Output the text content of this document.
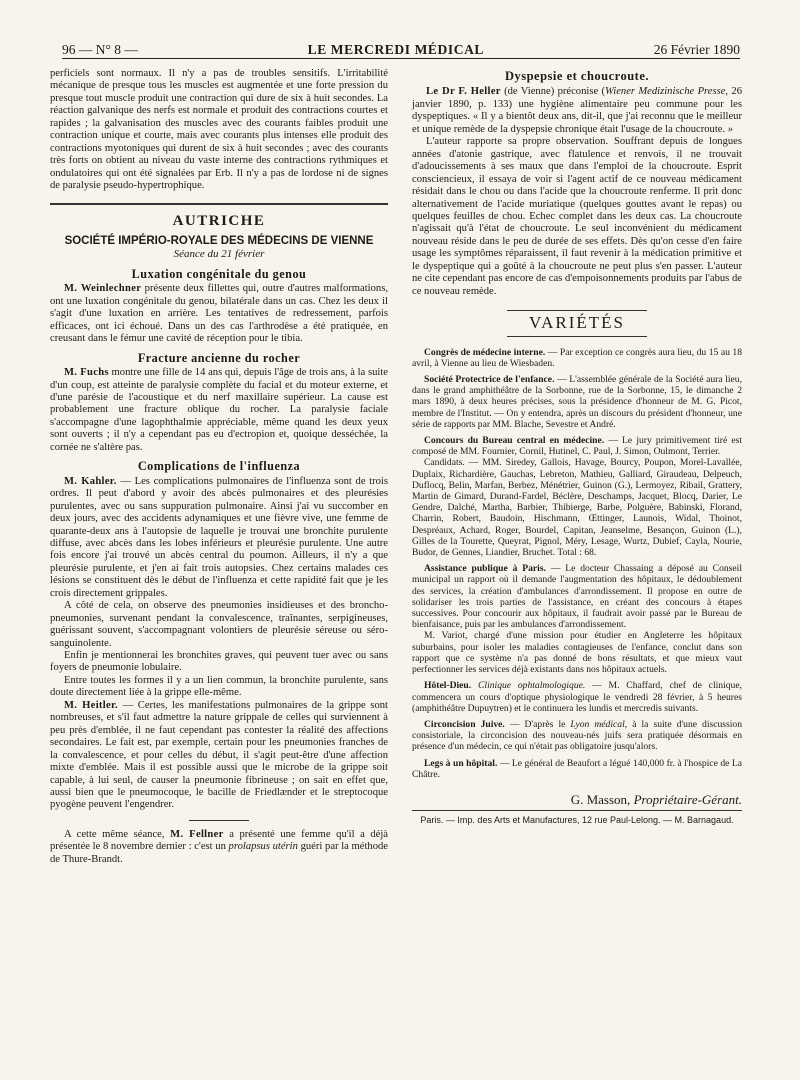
96 — N° 8 —	LE MERCREDI MÉDICAL	26 Février 1890

perficiels sont normaux. Il n'y a pas de troubles sensitifs. L'irritabilité mécanique de presque tous les muscles est augmentée et une forte pression du presque tout muscle produit une contraction qui dure de six à huit secondes. La réaction galvanique des nerfs est normale et produit des contractions courtes et rapides ; la galvanisation des muscles avec des courants faibles produit une contraction unique et courte, mais avec courants plus intenses elle produit des contractions myotoniques qui durent de six à huit secondes ; avec des courants très forts on obtient au niveau du vaste interne des contractions rythmiques et ondulatoires qui ont été signalées par Erb. Il n'y a pas de lordose ni de signes de paralysie pseudo-hypertrophique.

AUTRICHE
SOCIÉTÉ IMPÉRIO-ROYALE DES MÉDECINS DE VIENNE
Séance du 21 février
Luxation congénitale du genou

M. Weinlechner présente deux fillettes qui, outre d'autres malformations, ont une luxation congénitale du genou, bilatérale dans un cas. Chez les deux il s'agit d'une luxation en arrière. Les tentatives de redressement, parfois efficaces, ont ici échoué. Dans un des cas l'arthrodèse a été pratiquée, en creusant dans le fémur une cavité de réception pour le tibia.

Fracture ancienne du rocher

M. Fuchs montre une fille de 14 ans qui, depuis l'âge de trois ans, à la suite d'un coup, est atteinte de paralysie complète du facial et du moteur externe, et d'une parésie de l'acoustique et du nerf maxillaire supérieur. La cause est probablement une fracture oblique du rocher. La paralysie faciale s'accompagne d'une lagophthalmie appréciable, même quand les deux yeux sont ouverts ; il n'y a cependant pas eu d'ectropion et, quoique desséchée, la cornée ne s'altère pas.

Complications de l'influenza

M. Kahler. — Les complications pulmonaires de l'influenza sont de trois ordres. Il peut d'abord y avoir des abcès pulmonaires et des pleurésies purulentes, avec ou sans suppuration pulmonaire. Ainsi j'ai vu succomber en deux jours, avec des accidents adynamiques et une fièvre vive, une femme de quarante-deux ans à l'autopsie de laquelle je trouvai une bronchite purulente diffuse, avec abcès dans les lobes inférieurs et pleurésie purulente. Une autre fois encore j'ai trouvé un abcès central du poumon. Ailleurs, il n'y a que pleurésie purulente, et j'en ai fait trois autopsies. Chez certains malades ces lésions se constituent dès le début de l'influenza et cette rapidité fait que je les crois directement grippales.

A côté de cela, on observe des pneumonies insidieuses et des broncho-pneumonies, survenant pendant la convalescence, traînantes, serpigineuses, guérissant souvent, s'accompagnant volontiers de pleurésie séreuse ou séro-sanguinolente.

Enfin je mentionnerai les bronchites graves, qui peuvent tuer avec ou sans foyers de pneumonie lobulaire.

Entre toutes les formes il y a un lien commun, la bronchite purulente, sans doute directement liée à la grippe elle-même.

M. Heitler. — Certes, les manifestations pulmonaires de la grippe sont nombreuses, et s'il faut admettre la nature grippale de celles qui surviennent à peu près d'emblée, il ne faut cependant pas contester la réalité des affections secondaires. Le fait est, par exemple, certain pour les pneumonies franches de la convalescence, et pour celles du début, il s'agit peut-être d'une affection mixte d'emblée. Mais il est possible aussi que le microbe de la grippe soit capable, à lui seul, de causer la pneumonie fibrineuse ; on sait en effet que, aussi bien que le pneumocoque, le bacille de Friedlænder et le streptocoque pyogène peuvent l'engendrer.

A cette même séance, M. Fellner a présenté une femme qu'il a déjà présentée le 8 novembre dernier : c'est un prolapsus utérin guéri par la méthode de Thure-Brandt.

Dyspepsie et choucroute.

Le Dr F. Heller (de Vienne) préconise (Wiener Medizinische Presse, 26 janvier 1890, p. 133) une hygiène alimentaire peu commune pour les dyspeptiques. « Il y a bientôt deux ans, dit-il, que j'ai reconnu que le meilleur et unique remède de la dyspepsie chronique était l'usage de la choucroute. »

L'auteur rapporte sa propre observation. Souffrant depuis de longues années d'atonie gastrique, avec flatulence et renvois, il ne trouvait d'adoucissements à ses maux que dans l'emploi de la choucroute. Esprit consciencieux, il essaya de voir si l'agent actif de ce nouveau médicament résidait dans le chou ou dans l'acide que la choucroute renferme. Il prit donc alternativement de l'acide muriatique (quelques gouttes avant le repas) ou quelques feuilles de chou. Echec complet dans les deux cas. La choucroute n'agissait qu'à l'état de choucroute. Le seul inconvénient du médicament nouveau réside dans le peu de durée de ses effets. Dès qu'on cesse d'en faire usage les symptômes réparaissent, il faut revenir à la médication primitive et le dyspeptique qui a goûté à la choucroute ne peut plus s'en passer. L'auteur ne cite cependant pas encore de cas d'empoisonnements produits par l'abus de ce nouveau remède.

VARIÉTÉS

Congrès de médecine interne. — Par exception ce congrès aura lieu, du 15 au 18 avril, à Vienne au lieu de Wiesbaden.

Société Protectrice de l'enfance. — L'assemblée générale de la Société aura lieu, dans le grand amphithéâtre de la Sorbonne, rue de la Sorbonne, 15, le dimanche 2 mars 1890, à deux heures précises, sous la présidence d'honneur de M. G. Picot, membre de l'Institut. — On y entendra, après un discours du président d'honneur, une série de rapports par MM. Blache, Sevestre et André.

Concours du Bureau central en médecine. — Le jury primitivement tiré est composé de MM. Fournier, Cornil, Hutinel, C. Paul, J. Simon, Oulmont, Terrier.

Candidats. — MM. Siredey, Gallois, Havage, Bourcy, Poupon, Morel-Lavallée, Duplaix, Richardière, Gauchas, Lebreton, Mathieu, Galliard, Giraudeau, Delpeuch, Duflocq, Belin, Marfan, Berbez, Ménétrier, Guinon (G.), Lermoyez, Ribail, Grattery, Martin de Gimard, Durand-Fardel, Béclère, Deschamps, Jacquet, Blocq, Darier, Le Gendre, Dalché, Martha, Barbier, Thibierge, Barbe, Polguère, Babinski, Florand, Charrin, Robert, Baudoin, Hischmann, Œttinger, Launois, Widal, Thoinot, Despréaux, Achard, Roger, Bourdel, Capitan, Jeanselme, Besançon, Guinon (L.), Gilles de la Tourette, Queyrat, Pignol, Méry, Lesage, Wurtz, Dubief, Cayla, Nourie, Budor, de Gennes, Liandier, Bruchet. Total : 68.

Assistance publique à Paris. — Le docteur Chassaing a déposé au Conseil municipal un rapport où il demande l'augmentation des hôpitaux, le dédoublement des services, la création d'ambulances d'arrondissement. Il propose en outre de solidariser les trois parties de l'assistance, en créant des concours à étapes successives. Pour concourir aux hôpitaux, il faudrait avoir passé par le Bureau de bienfaisance, puis par les ambulances d'arrondissement.

M. Variot, chargé d'une mission pour étudier en Angleterre les hôpitaux suburbains, pour isoler les maladies contagieuses de l'enfance, conclut dans son rapport que ce système n'a pas donné de bons résultats, et que mieux vaut perfectionner les services déjà existants dans nos hôpitaux actuels.

Hôtel-Dieu. Clinique ophtalmologique. — M. Chaffard, chef de clinique, commencera un cours d'optique physiologique le vendredi 28 février, à 5 heures (amphithéâtre Dupuytren) et le continuera les lundis et mercredis suivants.

Circoncision Juive. — D'après le Lyon médical, à la suite d'une discussion consistoriale, la circoncision des nouveau-nés juifs sera pratiquée désormais en présence d'un médecin, ce qui n'était pas obligatoire jusqu'alors.

Legs à un hôpital. — Le général de Beaufort a légué 140,000 fr. à l'hospice de La Châtre.

G. Masson, Propriétaire-Gérant.
Paris. — Imp. des Arts et Manufactures, 12 rue Paul-Lelong. — M. Barnagaud.
